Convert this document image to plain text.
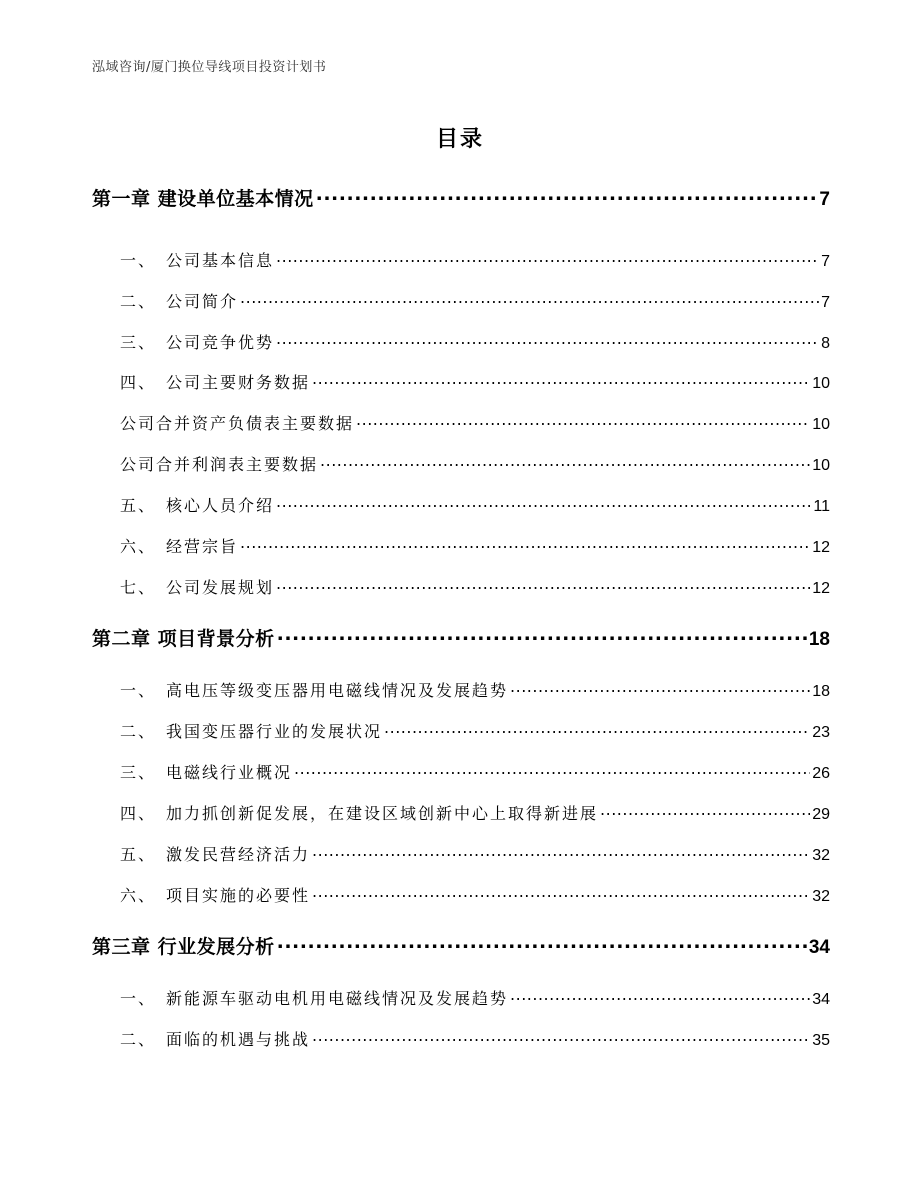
泓域咨询/厦门换位导线项目投资计划书
目录
第一章 建设单位基本情况 .....	7
一、 公司基本信息 .....	7
二、 公司简介 .....	7
三、 公司竞争优势 .....	8
四、 公司主要财务数据 .....	10
公司合并资产负债表主要数据 .....	10
公司合并利润表主要数据 .....	10
五、 核心人员介绍 .....	11
六、 经营宗旨 .....	12
七、 公司发展规划 .....	12
第二章 项目背景分析 .....	18
一、 高电压等级变压器用电磁线情况及发展趋势 .....	18
二、 我国变压器行业的发展状况 .....	23
三、 电磁线行业概况 .....	26
四、 加力抓创新促发展，在建设区域创新中心上取得新进展 .....	29
五、 激发民营经济活力 .....	32
六、 项目实施的必要性 .....	32
第三章 行业发展分析 .....	34
一、 新能源车驱动电机用电磁线情况及发展趋势 .....	34
二、 面临的机遇与挑战 .....	35
